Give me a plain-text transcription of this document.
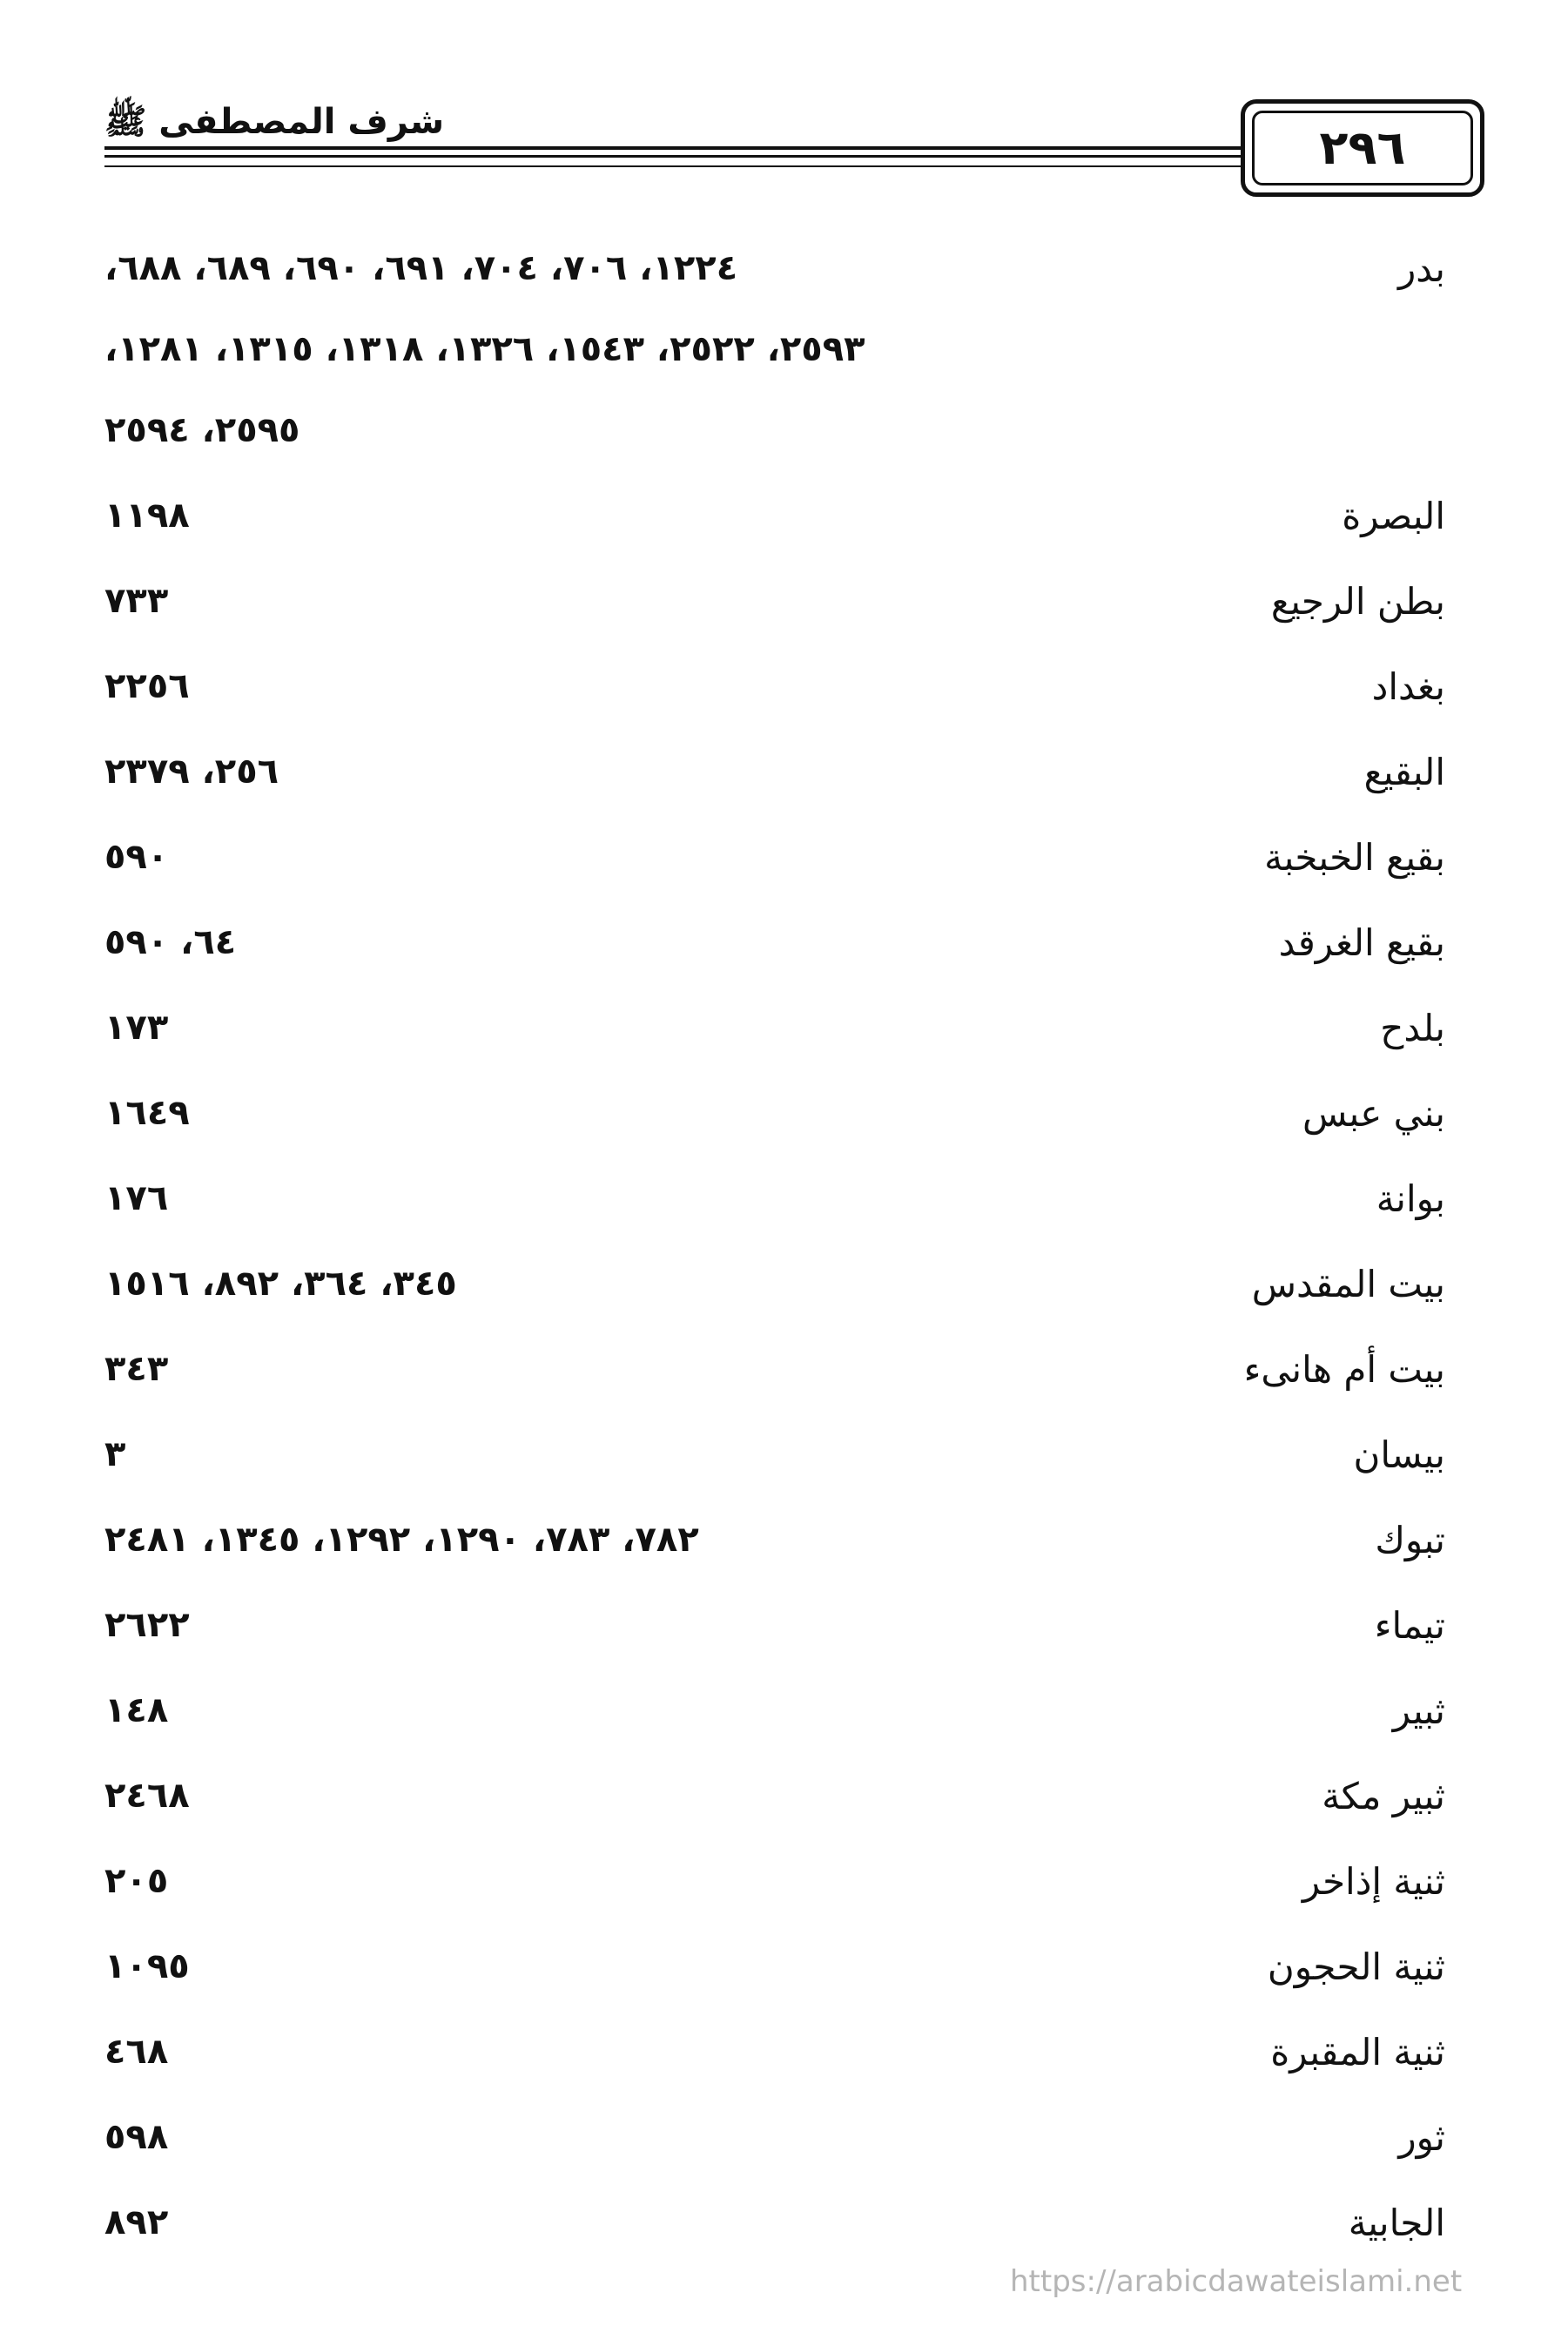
شرف المصطفى ﷺ	٢٩٦
بدر
١٢٢٤، ٧٠٦، ٧٠٤، ٦٩١، ٦٩٠، ٦٨٩، ٦٨٨،
٢٥٩٣، ٢٥٢٢، ١٥٤٣، ١٣٢٦، ١٣١٨، ١٣١٥، ١٢٨١،
٢٥٩٥، ٢٥٩٤
البصرة
١١٩٨
بطن الرجيع
٧٣٣
بغداد
٢٢٥٦
البقيع
٢٥٦، ٢٣٧٩
بقيع الخبخبة
٥٩٠
بقيع الغرقد
٦٤، ٥٩٠
بلدح
١٧٣
بني عبس
١٦٤٩
بوانة
١٧٦
بيت المقدس
٣٤٥، ٣٦٤، ٨٩٢، ١٥١٦
بيت أم هانىء
٣٤٣
بيسان
٣
تبوك
٧٨٢، ٧٨٣، ١٢٩٠، ١٢٩٢، ١٣٤٥، ٢٤٨١
تيماء
٢٦٢٢
ثبير
١٤٨
ثبير مكة
٢٤٦٨
ثنية إذاخر
٢٠٥
ثنية الحجون
١٠٩٥
ثنية المقبرة
٤٦٨
ثور
٥٩٨
الجابية
٨٩٢
https://arabicdawateislami.net
